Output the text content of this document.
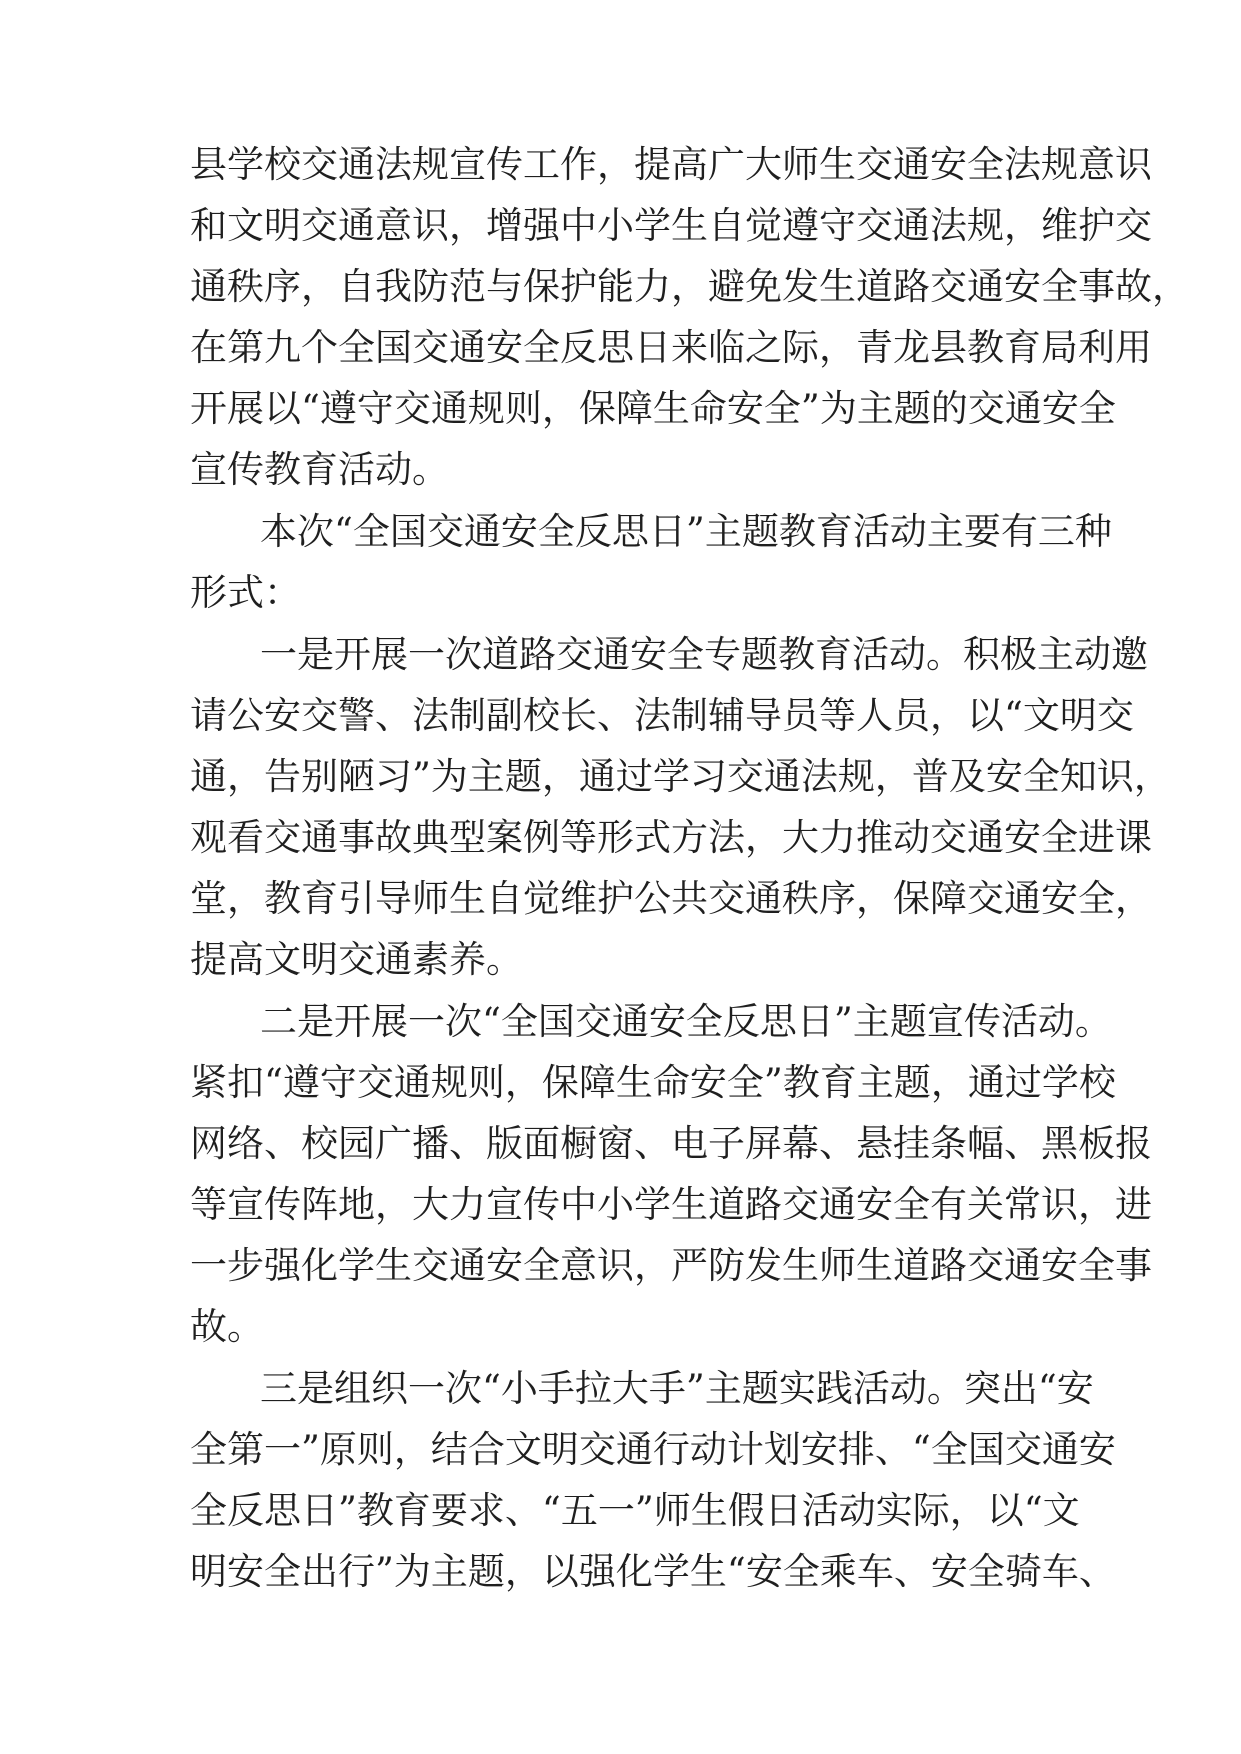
县学校交通法规宣传工作，提高广大师生交通安全法规意识
和文明交通意识，增强中小学生自觉遵守交通法规，维护交
通秩序，自我防范与保护能力，避免发生道路交通安全事故，
在第九个全国交通安全反思日来临之际，青龙县教育局利用
开展以“遵守交通规则，保障生命安全”为主题的交通安全
宣传教育活动。
本次“全国交通安全反思日”主题教育活动主要有三种
形式：
一是开展一次道路交通安全专题教育活动。积极主动邀
请公安交警、法制副校长、法制辅导员等人员，以“文明交
通，告别陋习”为主题，通过学习交通法规，普及安全知识，
观看交通事故典型案例等形式方法，大力推动交通安全进课
堂，教育引导师生自觉维护公共交通秩序，保障交通安全，
提高文明交通素养。
二是开展一次“全国交通安全反思日”主题宣传活动。
紧扣“遵守交通规则，保障生命安全”教育主题，通过学校
网络、校园广播、版面橱窗、电子屏幕、悬挂条幅、黑板报
等宣传阵地，大力宣传中小学生道路交通安全有关常识，进
一步强化学生交通安全意识，严防发生师生道路交通安全事
故。
三是组织一次“小手拉大手”主题实践活动。突出“安
全第一”原则，结合文明交通行动计划安排、“全国交通安
全反思日”教育要求、“五一”师生假日活动实际，以“文
明安全出行”为主题，以强化学生“安全乘车、安全骑车、
